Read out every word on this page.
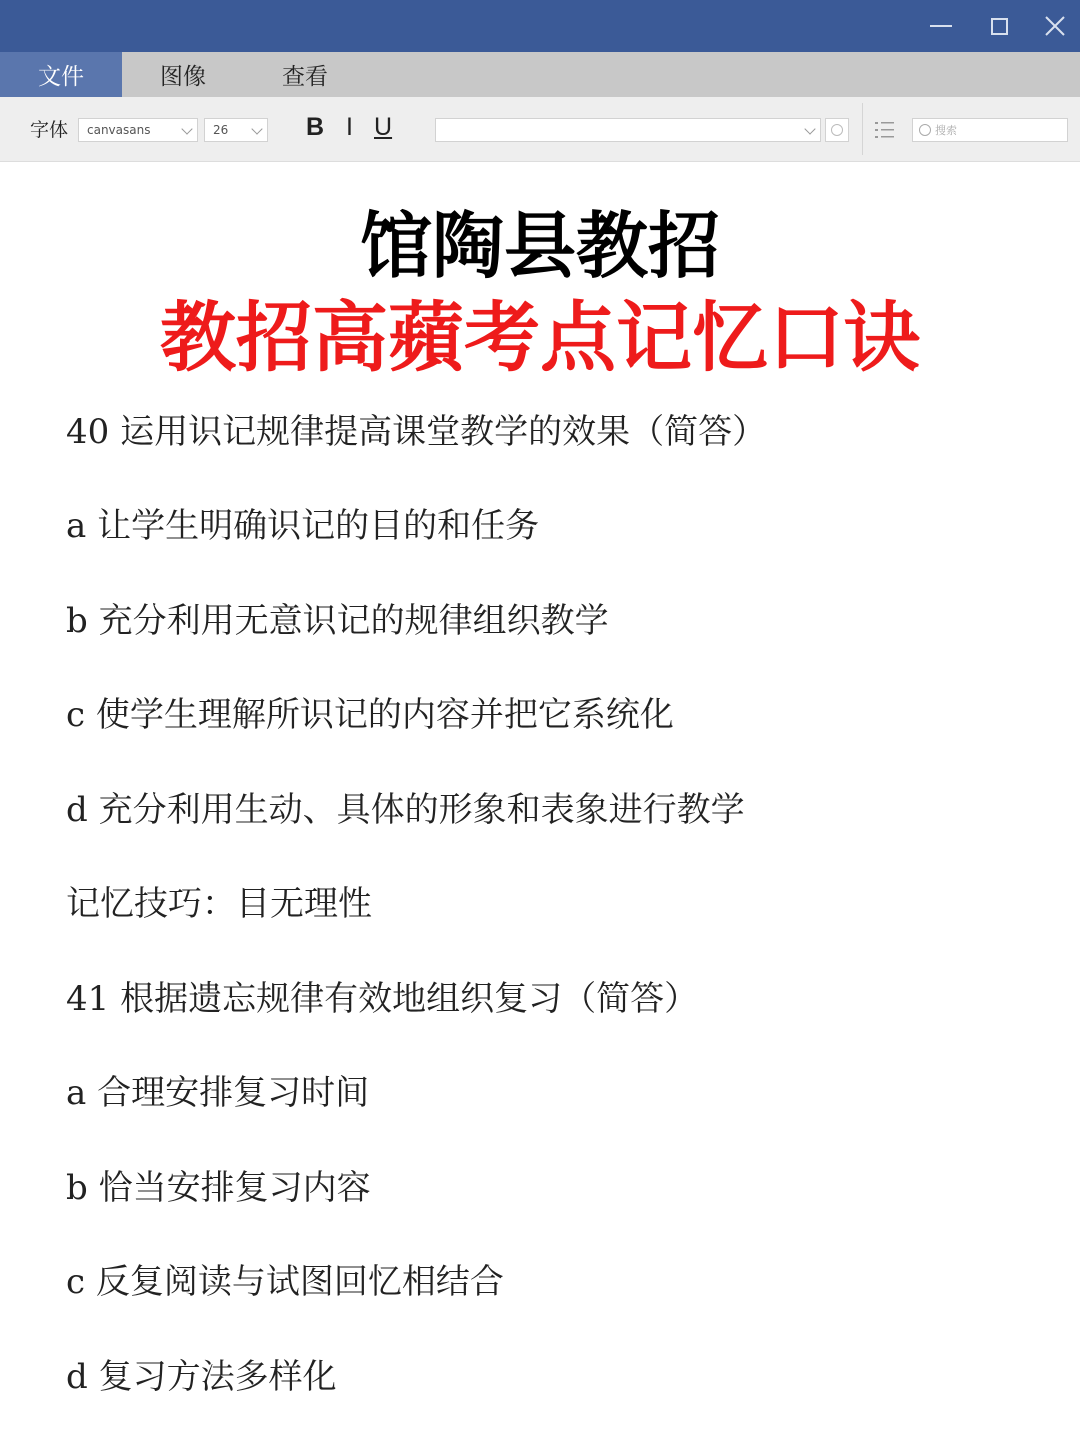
文件	图像	查看
字体 canvasans	26	B I U	搜索
馆陶县教招
教招高蘋考点记忆口诀
40 运用识记规律提高课堂教学的效果（简答）
a 让学生明确识记的目的和任务
b 充分利用无意识记的规律组织教学
c 使学生理解所识记的内容并把它系统化
d 充分利用生动、具体的形象和表象进行教学
记忆技巧：目无理性
41 根据遗忘规律有效地组织复习（简答）
a 合理安排复习时间
b 恰当安排复习内容
c 反复阅读与试图回忆相结合
d 复习方法多样化
